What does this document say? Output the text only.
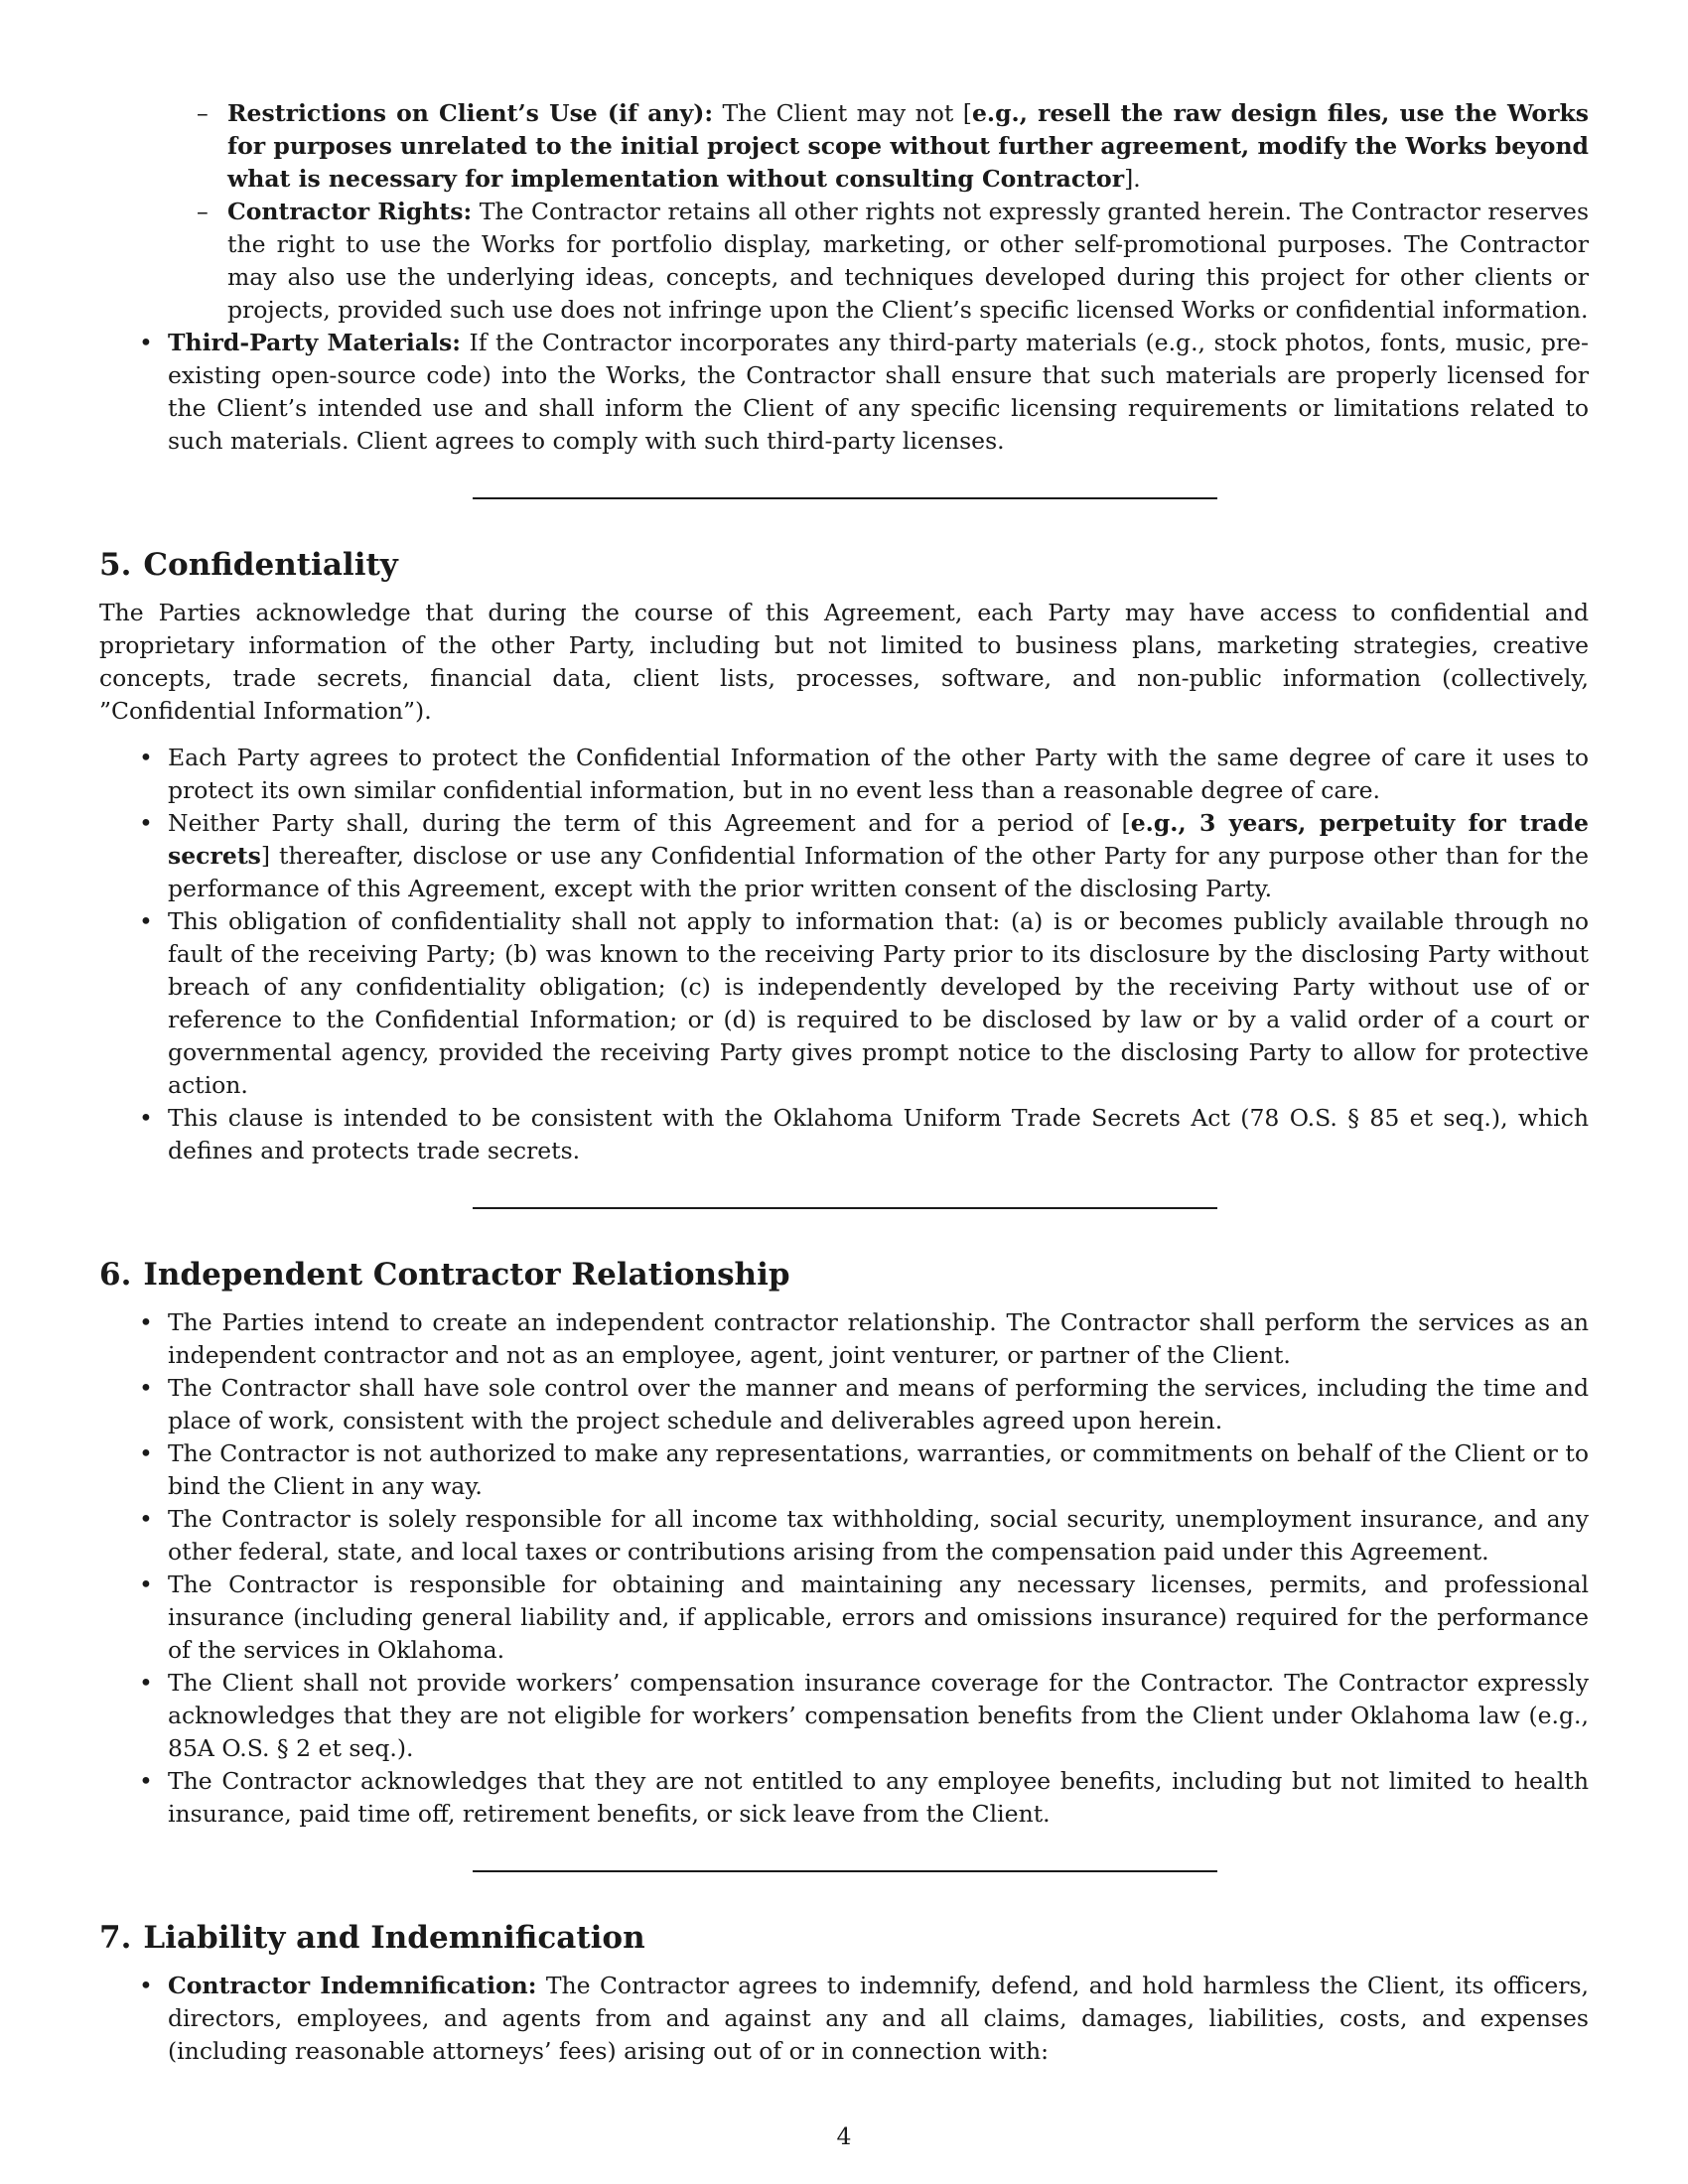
– Restrictions on Client’s Use (if any): The Client may not [e.g., resell the raw design files, use the Works for purposes unrelated to the initial project scope without further agreement, modify the Works beyond what is necessary for implementation without consulting Contractor].
– Contractor Rights: The Contractor retains all other rights not expressly granted herein. The Contractor reserves the right to use the Works for portfolio display, marketing, or other self-promotional purposes. The Contractor may also use the underlying ideas, concepts, and techniques developed during this project for other clients or projects, provided such use does not infringe upon the Client’s specific licensed Works or confidential information.
• Third-Party Materials: If the Contractor incorporates any third-party materials (e.g., stock photos, fonts, music, pre-existing open-source code) into the Works, the Contractor shall ensure that such materials are properly licensed for the Client’s intended use and shall inform the Client of any specific licensing requirements or limitations related to such materials. Client agrees to comply with such third-party licenses.
5. Confidentiality

The Parties acknowledge that during the course of this Agreement, each Party may have access to confidential and proprietary information of the other Party, including but not limited to business plans, marketing strategies, creative concepts, trade secrets, financial data, client lists, processes, software, and non-public information (collectively, ”Confidential Information”).

• Each Party agrees to protect the Confidential Information of the other Party with the same degree of care it uses to protect its own similar confidential information, but in no event less than a reasonable degree of care.
• Neither Party shall, during the term of this Agreement and for a period of [e.g., 3 years, perpetuity for trade secrets] thereafter, disclose or use any Confidential Information of the other Party for any purpose other than for the performance of this Agreement, except with the prior written consent of the disclosing Party.
• This obligation of confidentiality shall not apply to information that: (a) is or becomes publicly available through no fault of the receiving Party; (b) was known to the receiving Party prior to its disclosure by the disclosing Party without breach of any confidentiality obligation; (c) is independently developed by the receiving Party without use of or reference to the Confidential Information; or (d) is required to be disclosed by law or by a valid order of a court or governmental agency, provided the receiving Party gives prompt notice to the disclosing Party to allow for protective action.
• This clause is intended to be consistent with the Oklahoma Uniform Trade Secrets Act (78 O.S. § 85 et seq.), which defines and protects trade secrets.
6. Independent Contractor Relationship
• The Parties intend to create an independent contractor relationship. The Contractor shall perform the services as an independent contractor and not as an employee, agent, joint venturer, or partner of the Client.
• The Contractor shall have sole control over the manner and means of performing the services, including the time and place of work, consistent with the project schedule and deliverables agreed upon herein.
• The Contractor is not authorized to make any representations, warranties, or commitments on behalf of the Client or to bind the Client in any way.
• The Contractor is solely responsible for all income tax withholding, social security, unemployment insurance, and any other federal, state, and local taxes or contributions arising from the compensation paid under this Agreement.
• The Contractor is responsible for obtaining and maintaining any necessary licenses, permits, and professional insurance (including general liability and, if applicable, errors and omissions insurance) required for the performance of the services in Oklahoma.
• The Client shall not provide workers’ compensation insurance coverage for the Contractor. The Contractor expressly acknowledges that they are not eligible for workers’ compensation benefits from the Client under Oklahoma law (e.g., 85A O.S. § 2 et seq.).
• The Contractor acknowledges that they are not entitled to any employee benefits, including but not limited to health insurance, paid time off, retirement benefits, or sick leave from the Client.
7. Liability and Indemnification
• Contractor Indemnification: The Contractor agrees to indemnify, defend, and hold harmless the Client, its officers, directors, employees, and agents from and against any and all claims, damages, liabilities, costs, and expenses (including reasonable attorneys’ fees) arising out of or in connection with:
4
